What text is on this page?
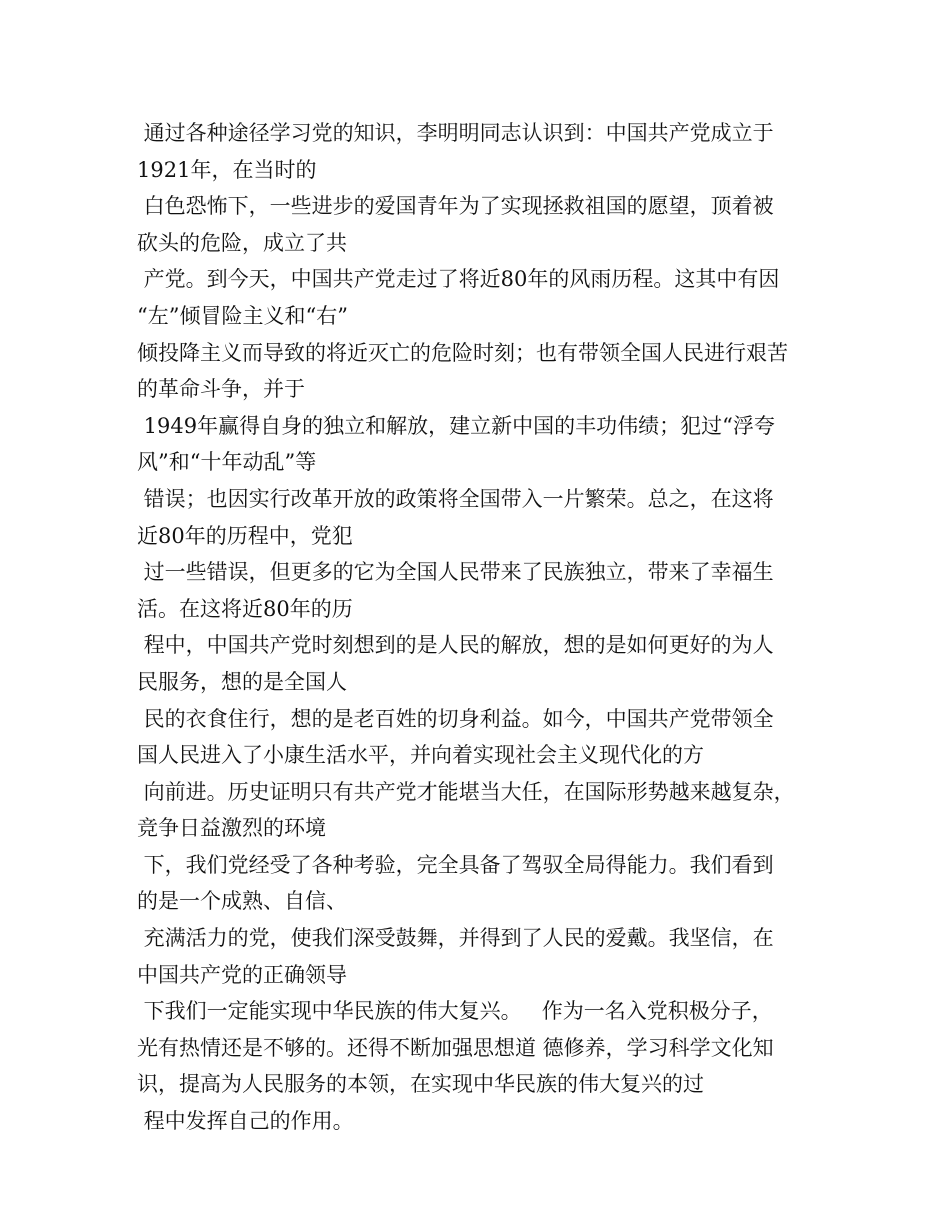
通过各种途径学习党的知识，李明明同志认识到：中国共产党成立于
1921年，在当时的
白色恐怖下，一些进步的爱国青年为了实现拯救祖国的愿望，顶着被
砍头的危险，成立了共
产党。到今天，中国共产党走过了将近80年的风雨历程。这其中有因
“左”倾冒险主义和“右”
倾投降主义而导致的将近灭亡的危险时刻；也有带领全国人民进行艰苦
的革命斗争，并于
1949年赢得自身的独立和解放，建立新中国的丰功伟绩；犯过“浮夸
风”和“十年动乱”等
错误；也因实行改革开放的政策将全国带入一片繁荣。总之，在这将
近80年的历程中，党犯
过一些错误，但更多的它为全国人民带来了民族独立，带来了幸福生
活。在这将近80年的历
程中，中国共产党时刻想到的是人民的解放，想的是如何更好的为人
民服务，想的是全国人
民的衣食住行，想的是老百姓的切身利益。如今，中国共产党带领全
国人民进入了小康生活水平，并向着实现社会主义现代化的方
向前进。历史证明只有共产党才能堪当大任，在国际形势越来越复杂，
竞争日益激烈的环境
下，我们党经受了各种考验，完全具备了驾驭全局得能力。我们看到
的是一个成熟、自信、
充满活力的党，使我们深受鼓舞，并得到了人民的爱戴。我坚信，在
中国共产党的正确领导
下我们一定能实现中华民族的伟大复兴。   作为一名入党积极分子，
光有热情还是不够的。还得不断加强思想道 德修养，学习科学文化知
识，提高为人民服务的本领，在实现中华民族的伟大复兴的过
程中发挥自己的作用。
